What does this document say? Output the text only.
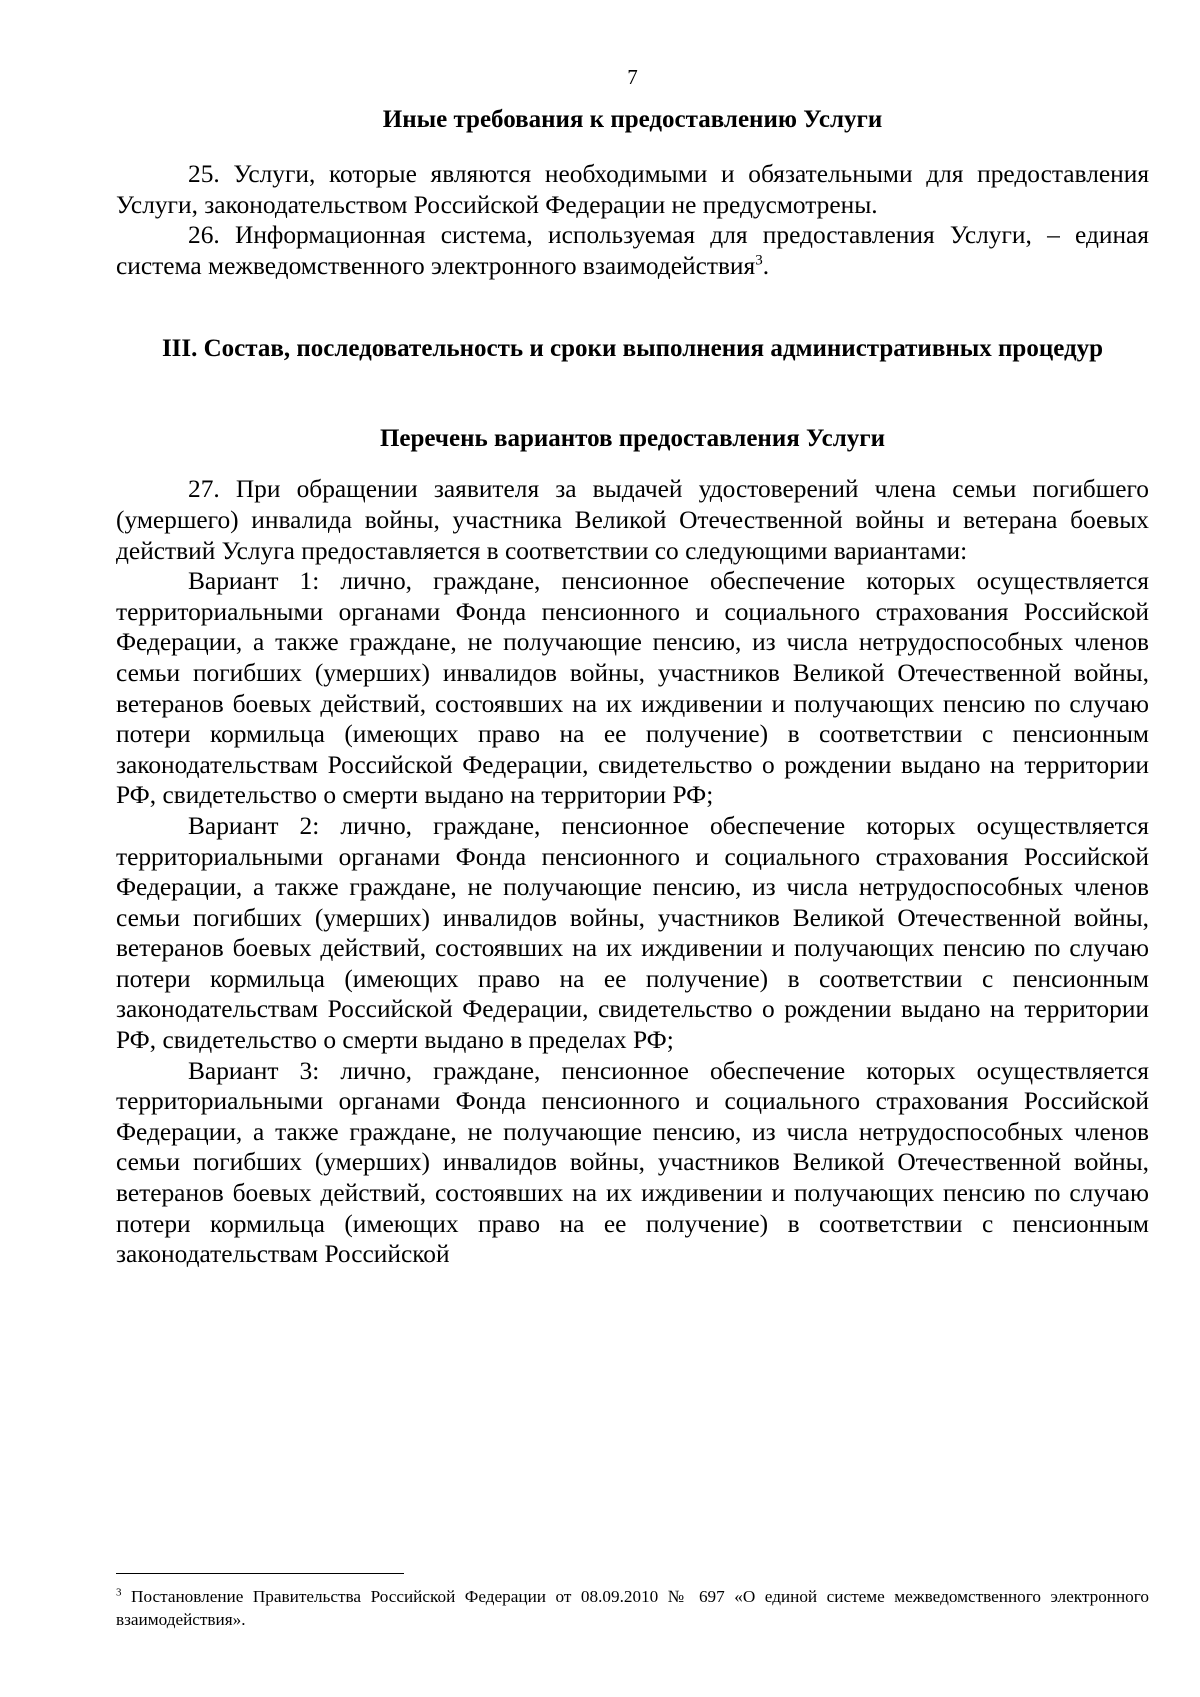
7
Иные требования к предоставлению Услуги

25. Услуги, которые являются необходимыми и обязательными для предоставления Услуги, законодательством Российской Федерации не предусмотрены.

26. Информационная система, используемая для предоставления Услуги, – единая система межведомственного электронного взаимодействия$^3$.

III. Состав, последовательность и сроки выполнения административных процедур
Перечень вариантов предоставления Услуги

27. При обращении заявителя за выдачей удостоверений члена семьи погибшего (умершего) инвалида войны, участника Великой Отечественной войны и ветерана боевых действий Услуга предоставляется в соответствии со следующими вариантами:

Вариант 1: лично, граждане, пенсионное обеспечение которых осуществляется территориальными органами Фонда пенсионного и социального страхования Российской Федерации, а также граждане, не получающие пенсию, из числа нетрудоспособных членов семьи погибших (умерших) инвалидов войны, участников Великой Отечественной войны, ветеранов боевых действий, состоявших на их иждивении и получающих пенсию по случаю потери кормильца (имеющих право на ее получение) в соответствии с пенсионным законодательствам Российской Федерации, свидетельство о рождении выдано на территории РФ, свидетельство о смерти выдано на территории РФ;

Вариант 2: лично, граждане, пенсионное обеспечение которых осуществляется территориальными органами Фонда пенсионного и социального страхования Российской Федерации, а также граждане, не получающие пенсию, из числа нетрудоспособных членов семьи погибших (умерших) инвалидов войны, участников Великой Отечественной войны, ветеранов боевых действий, состоявших на их иждивении и получающих пенсию по случаю потери кормильца (имеющих право на ее получение) в соответствии с пенсионным законодательствам Российской Федерации, свидетельство о рождении выдано на территории РФ, свидетельство о смерти выдано в пределах РФ;

Вариант 3: лично, граждане, пенсионное обеспечение которых осуществляется территориальными органами Фонда пенсионного и социального страхования Российской Федерации, а также граждане, не получающие пенсию, из числа нетрудоспособных членов семьи погибших (умерших) инвалидов войны, участников Великой Отечественной войны, ветеранов боевых действий, состоявших на их иждивении и получающих пенсию по случаю потери кормильца (имеющих право на ее получение) в соответствии с пенсионным законодательствам Российской

$^3$ Постановление Правительства Российской Федерации от 08.09.2010 № 697 «О единой системе межведомственного электронного взаимодействия».
